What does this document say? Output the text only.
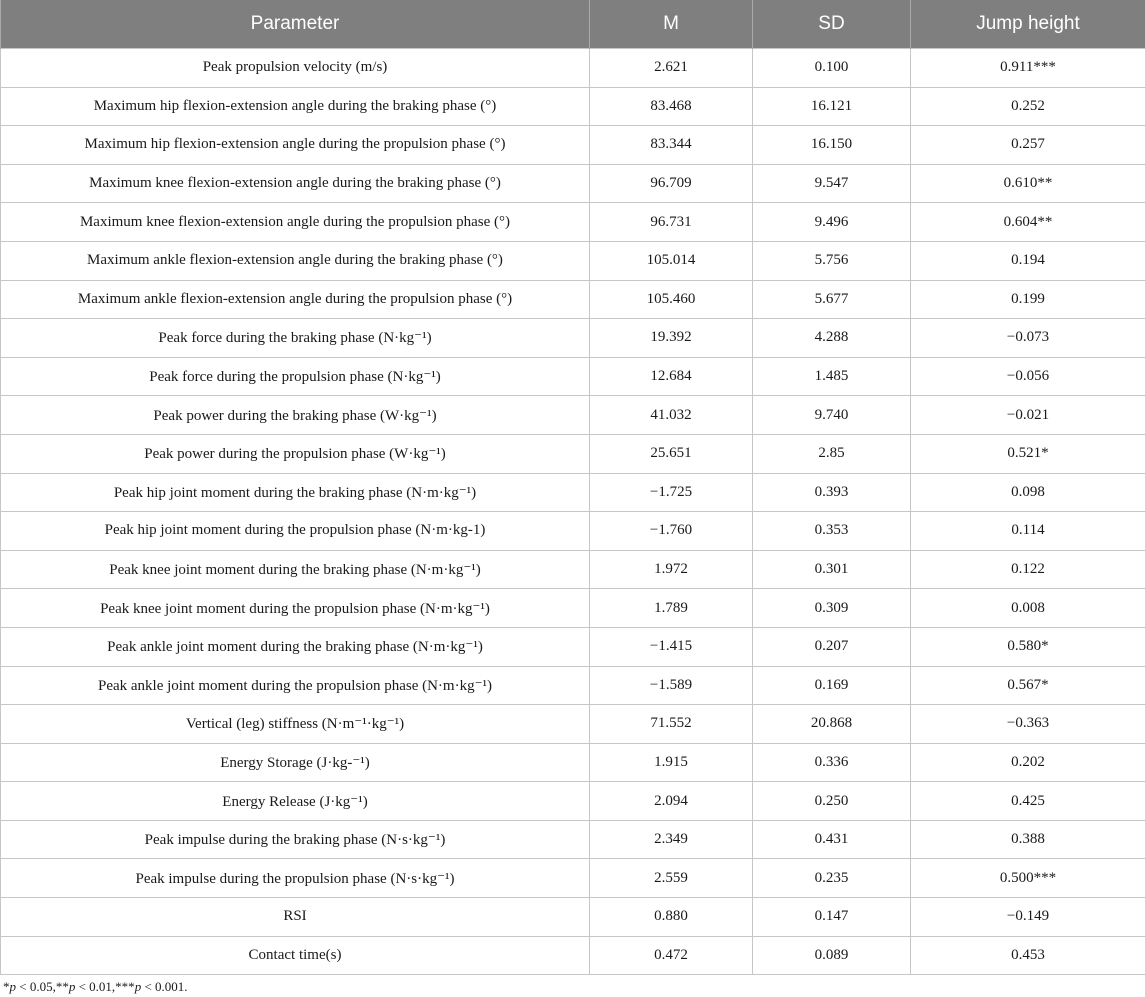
Parameter	M	SD	Jump height
Peak propulsion velocity (m/s)	2.621	0.100	0.911***
Maximum hip flexion-extension angle during the braking phase (°)	83.468	16.121	0.252
Maximum hip flexion-extension angle during the propulsion phase (°)	83.344	16.150	0.257
Maximum knee flexion-extension angle during the braking phase (°)	96.709	9.547	0.610**
Maximum knee flexion-extension angle during the propulsion phase (°)	96.731	9.496	0.604**
Maximum ankle flexion-extension angle during the braking phase (°)	105.014	5.756	0.194
Maximum ankle flexion-extension angle during the propulsion phase (°)	105.460	5.677	0.199
Peak force during the braking phase (N·kg⁻¹)	19.392	4.288	−0.073
Peak force during the propulsion phase (N·kg⁻¹)	12.684	1.485	−0.056
Peak power during the braking phase (W·kg⁻¹)	41.032	9.740	−0.021
Peak power during the propulsion phase (W·kg⁻¹)	25.651	2.85	0.521*
Peak hip joint moment during the braking phase (N·m·kg⁻¹)	−1.725	0.393	0.098
Peak hip joint moment during the propulsion phase (N·m·kg-1)	−1.760	0.353	0.114
Peak knee joint moment during the braking phase (N·m·kg⁻¹)	1.972	0.301	0.122
Peak knee joint moment during the propulsion phase (N·m·kg⁻¹)	1.789	0.309	0.008
Peak ankle joint moment during the braking phase (N·m·kg⁻¹)	−1.415	0.207	0.580*
Peak ankle joint moment during the propulsion phase (N·m·kg⁻¹)	−1.589	0.169	0.567*
Vertical (leg) stiffness (N·m⁻¹·kg⁻¹)	71.552	20.868	−0.363
Energy Storage (J·kg-⁻¹)	1.915	0.336	0.202
Energy Release (J·kg⁻¹)	2.094	0.250	0.425
Peak impulse during the braking phase (N·s·kg⁻¹)	2.349	0.431	0.388
Peak impulse during the propulsion phase (N·s·kg⁻¹)	2.559	0.235	0.500***
RSI	0.880	0.147	−0.149
Contact time(s)	0.472	0.089	0.453
*p < 0.05,**p < 0.01,***p < 0.001.
